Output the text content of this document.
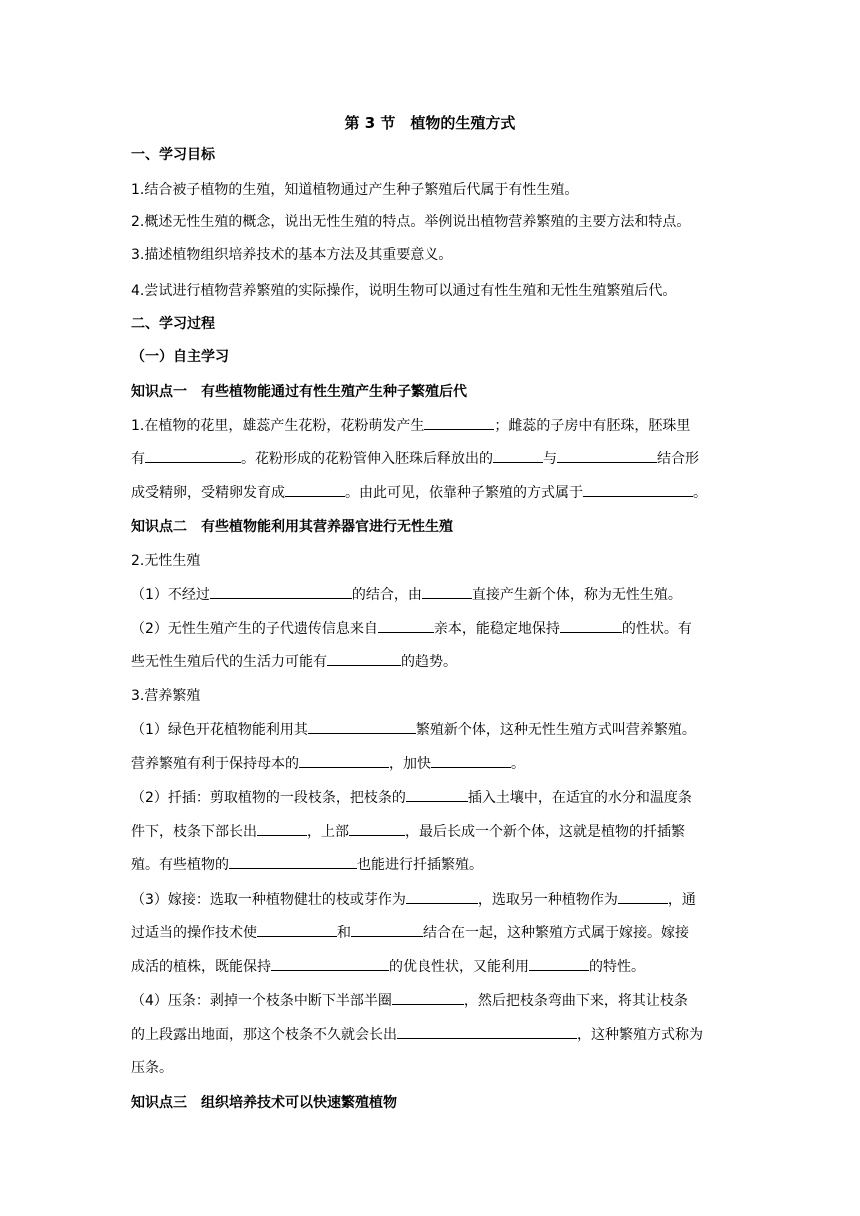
第 3 节　植物的生殖方式
一、学习目标
1.结合被子植物的生殖，知道植物通过产生种子繁殖后代属于有性生殖。
2.概述无性生殖的概念，说出无性生殖的特点。举例说出植物营养繁殖的主要方法和特点。
3.描述植物组织培养技术的基本方法及其重要意义。
4.尝试进行植物营养繁殖的实际操作，说明生物可以通过有性生殖和无性生殖繁殖后代。
二、学习过程
（一）自主学习
知识点一　有些植物能通过有性生殖产生种子繁殖后代
1.在植物的花里，雄蕊产生花粉，花粉萌发产生	；雌蕊的子房中有胚珠，胚珠里
有	。花粉形成的花粉管伸入胚珠后释放出的	与	结合形
成受精卵，受精卵发育成	。由此可见，依靠种子繁殖的方式属于	。
知识点二　有些植物能利用其营养器官进行无性生殖
2.无性生殖
（1）不经过	的结合，由	直接产生新个体，称为无性生殖。
（2）无性生殖产生的子代遗传信息来自	亲本，能稳定地保持	的性状。有
些无性生殖后代的生活力可能有	的趋势。
3.营养繁殖
（1）绿色开花植物能利用其	繁殖新个体，这种无性生殖方式叫营养繁殖。
营养繁殖有利于保持母本的	，加快	。
（2）扦插：剪取植物的一段枝条，把枝条的	插入土壤中，在适宜的水分和温度条
件下，枝条下部长出	，上部	，最后长成一个新个体，这就是植物的扦插繁
殖。有些植物的	也能进行扦插繁殖。
（3）嫁接：选取一种植物健壮的枝或芽作为	，选取另一种植物作为	，通
过适当的操作技术使	和	结合在一起，这种繁殖方式属于嫁接。嫁接
成活的植株，既能保持	的优良性状，又能利用	的特性。
（4）压条：剥掉一个枝条中断下半部半圈	，然后把枝条弯曲下来，将其让枝条
的上段露出地面，那这个枝条不久就会长出	，这种繁殖方式称为
压条。
知识点三　组织培养技术可以快速繁殖植物
